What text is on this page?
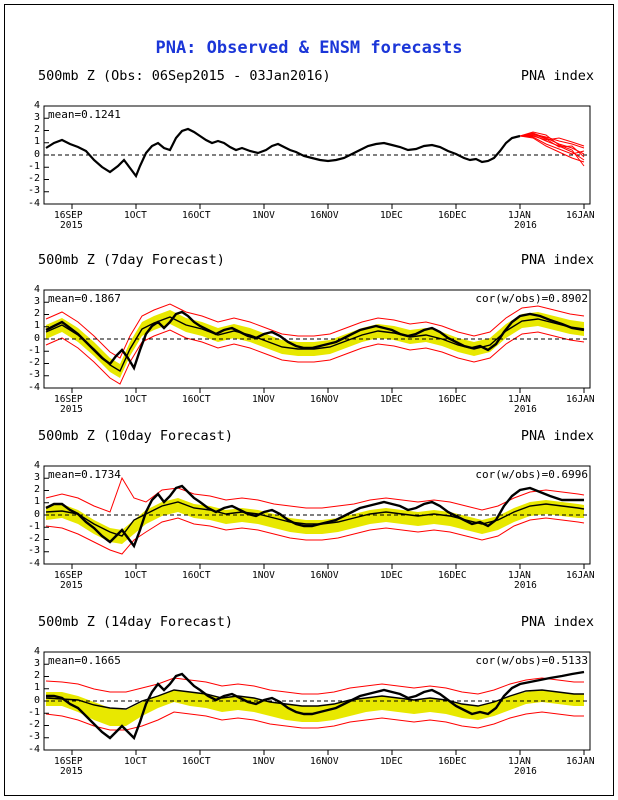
PNA: Observed & ENSM forecasts
500mb Z (Obs: 06Sep2015 - 03Jan2016)	PNA index
mean=0.1241
4
3
2
1
0
-1
-2
-3
-4
16SEP	1OCT	16OCT	1NOV	16NOV	1DEC	16DEC	1JAN	16JAN
2015	2016
500mb Z (7day Forecast)	PNA index
mean=0.1867	cor(w/obs)=0.8902
4
3
2
1
0
-1
-2
-3
-4
16SEP	1OCT	16OCT	1NOV	16NOV	1DEC	16DEC	1JAN	16JAN
2015	2016
500mb Z (10day Forecast)	PNA index
mean=0.1734	cor(w/obs)=0.6996
4
3
2
1
0
-1
-2
-3
-4
16SEP	1OCT	16OCT	1NOV	16NOV	1DEC	16DEC	1JAN	16JAN
2015	2016
500mb Z (14day Forecast)	PNA index
mean=0.1665	cor(w/obs)=0.5133
4
3
2
1
0
-1
-2
-3
-4
16SEP	1OCT	16OCT	1NOV	16NOV	1DEC	16DEC	1JAN	16JAN
2015	2016
